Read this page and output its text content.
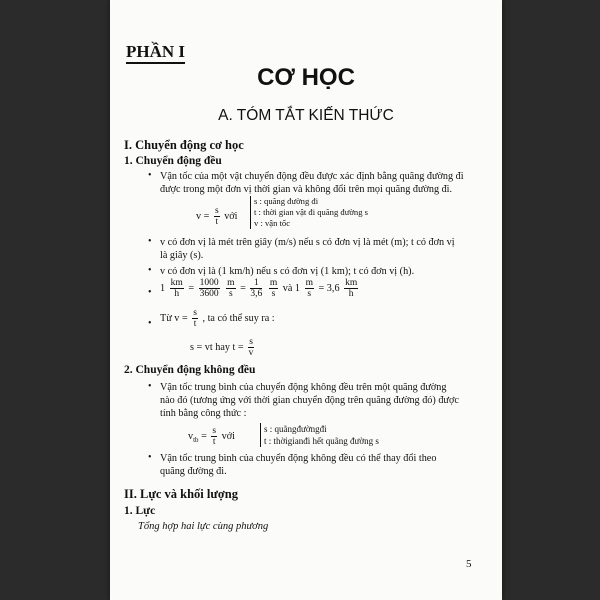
PHẦN I
CƠ HỌC
A. TÓM TẮT KIẾN THỨC
I. Chuyển động cơ học
1. Chuyển động đều
• Vận tốc của một vật chuyển động đều được xác định bằng quãng đường đi
được trong một đơn vị thời gian và không đổi trên mọi quãng đường đi.
$v = \frac{s}{t}$ với
s : quãng đường đi
t : thời gian vật đi quãng đường s
v : vận tốc
• v có đơn vị là mét trên giây (m/s) nếu s có đơn vị là mét (m); t có đơn vị
là giây (s).
• v có đơn vị là (1 km/h) nếu s có đơn vị (1 km); t có đơn vị (h).
• $1 \frac{km}{h} = \frac{1000}{3600}$
$\frac{m}{s} = \frac{1}{3,6}$
$\frac{m}{s}$ và $1 \frac{m}{s} = 3,6 \frac{km}{h}$
• Từ $v = \frac{s}{t}$ , ta có thể suy ra :
s = vt hay $t = \frac{s}{v}$
2. Chuyển động không đều
• Vận tốc trung bình của chuyển động không đều trên một quãng đường
nào đó (tương ứng với thời gian chuyển động trên quãng đường đó) được
tính bằng công thức :
$v_{tb} = \frac{s}{t}$ với
s : quãngđườngđi
t : thờigianđi hết quãng đường s
• Vận tốc trung bình của chuyển động không đều có thể thay đổi theo
quãng đường đi.
II. Lực và khối lượng
1. Lực
Tổng hợp hai lực cùng phương
5
